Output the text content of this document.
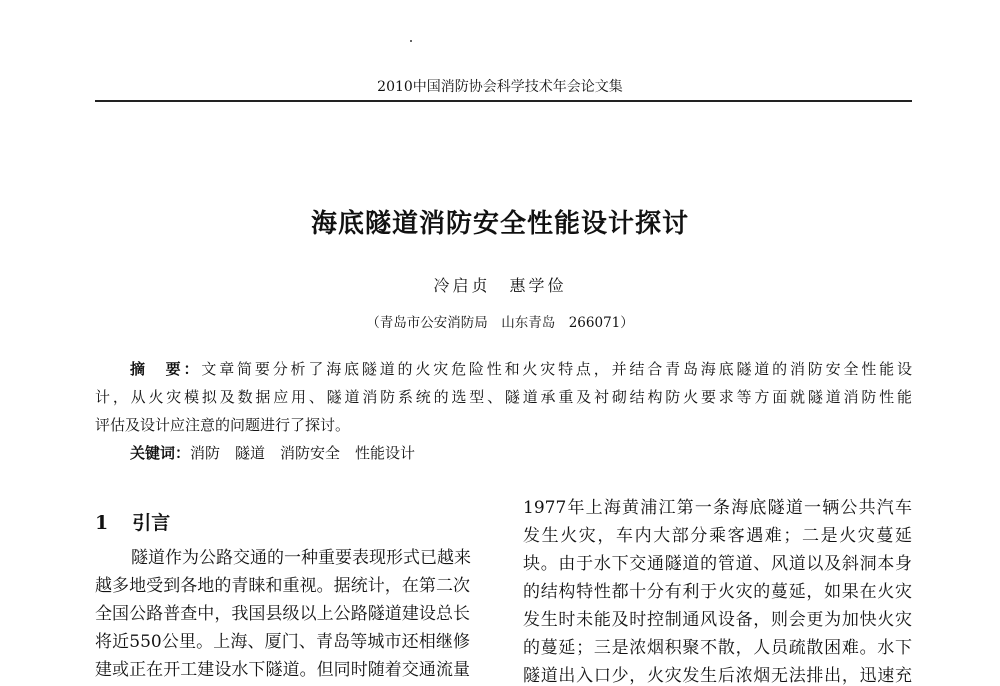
2010中国消防协会科学技术年会论文集
海底隧道消防安全性能设计探讨
冷启贞　惠学俭
（青岛市公安消防局　山东青岛　266071）
摘　要：文章简要分析了海底隧道的火灾危险性和火灾特点，并结合青岛海底隧道的消防安全性能设
计，从火灾模拟及数据应用、隧道消防系统的选型、隧道承重及衬砌结构防火要求等方面就隧道消防性能
评估及设计应注意的问题进行了探讨。
关键词：消防　隧道　消防安全　性能设计
1 引言
隧道作为公路交通的一种重要表现形式已越来
越多地受到各地的青睐和重视。据统计，在第二次
全国公路普查中，我国县级以上公路隧道建设总长
将近550公里。上海、厦门、青岛等城市还相继修
建或正在开工建设水下隧道。但同时随着交通流量
1977年上海黄浦江第一条海底隧道一辆公共汽车
发生火灾，车内大部分乘客遇难；二是火灾蔓延
块。由于水下交通隧道的管道、风道以及斜洞本身
的结构特性都十分有利于火灾的蔓延，如果在火灾
发生时未能及时控制通风设备，则会更为加快火灾
的蔓延；三是浓烟积聚不散，人员疏散困难。水下
隧道出入口少，火灾发生后浓烟无法排出，迅速充
